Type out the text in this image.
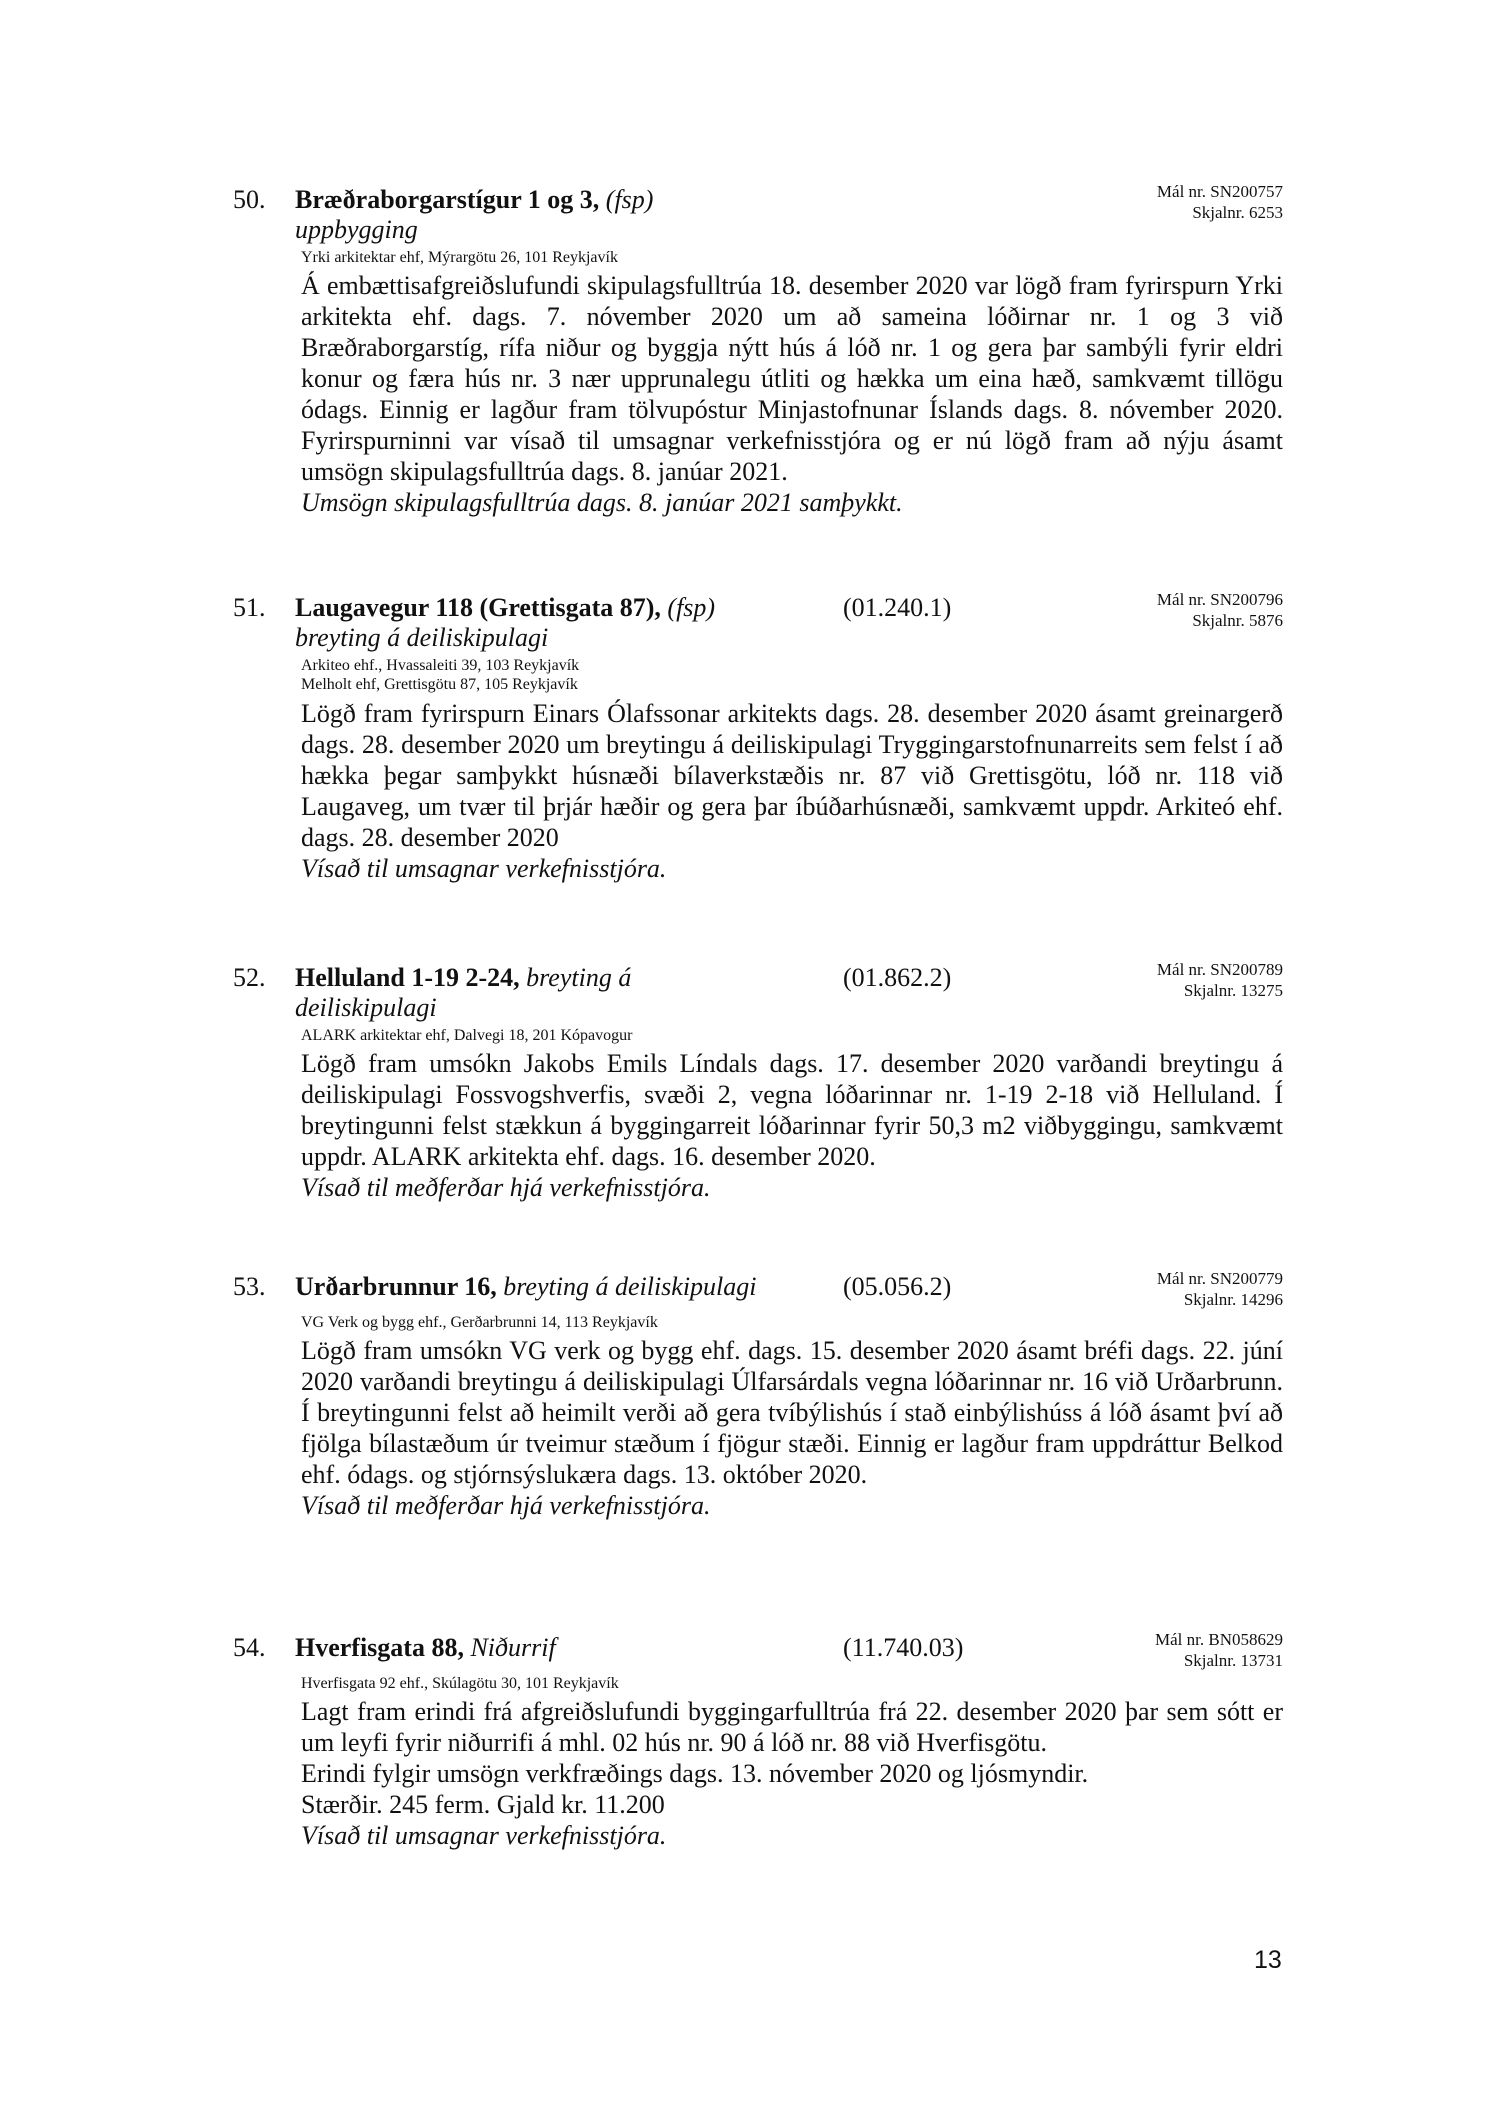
50. Bræðraborgarstígur 1 og 3, (fsp)
uppbygging
Mál nr. SN200757
Skjalnr. 6253
Yrki arkitektar ehf, Mýrargötu 26, 101 Reykjavík

Á embættisafgreiðslufundi skipulagsfulltrúa 18. desember 2020 var lögð fram fyrirspurn Yrki arkitekta ehf. dags. 7. nóvember 2020 um að sameina lóðirnar nr. 1 og 3 við Bræðraborgarstíg, rífa niður og byggja nýtt hús á lóð nr. 1 og gera þar sambýli fyrir eldri konur og færa hús nr. 3 nær upprunalegu útliti og hækka um eina hæð, samkvæmt tillögu ódags. Einnig er lagður fram tölvupóstur Minjastofnunar Íslands dags. 8. nóvember 2020. Fyrirspurninni var vísað til umsagnar verkefnisstjóra og er nú lögð fram að nýju ásamt umsögn skipulagsfulltrúa dags. 8. janúar 2021.

Umsögn skipulagsfulltrúa dags. 8. janúar 2021 samþykkt.

51. Laugavegur 118 (Grettisgata 87), (fsp)
breyting á deiliskipulagi
(01.240.1)	Mál nr. SN200796
Skjalnr. 5876
Arkiteo ehf., Hvassaleiti 39, 103 Reykjavík
Melholt ehf, Grettisgötu 87, 105 Reykjavík

Lögð fram fyrirspurn Einars Ólafssonar arkitekts dags. 28. desember 2020 ásamt greinargerð dags. 28. desember 2020 um breytingu á deiliskipulagi Tryggingarstofnunarreits sem felst í að hækka þegar samþykkt húsnæði bílaverkstæðis nr. 87 við Grettisgötu, lóð nr. 118 við Laugaveg, um tvær til þrjár hæðir og gera þar íbúðarhúsnæði, samkvæmt uppdr. Arkiteó ehf. dags. 28. desember 2020

Vísað til umsagnar verkefnisstjóra.

52. Helluland 1-19 2-24, breyting á
deiliskipulagi
(01.862.2)	Mál nr. SN200789
Skjalnr. 13275
ALARK arkitektar ehf, Dalvegi 18, 201 Kópavogur

Lögð fram umsókn Jakobs Emils Líndals dags. 17. desember 2020 varðandi breytingu á deiliskipulagi Fossvogshverfis, svæði 2, vegna lóðarinnar nr. 1-19 2-18 við Helluland. Í breytingunni felst stækkun á byggingarreit lóðarinnar fyrir 50,3 m2 viðbyggingu, samkvæmt uppdr. ALARK arkitekta ehf. dags. 16. desember 2020.

Vísað til meðferðar hjá verkefnisstjóra.

53. Urðarbrunnur 16, breyting á deiliskipulagi	(05.056.2)	Mál nr. SN200779
Skjalnr. 14296
VG Verk og bygg ehf., Gerðarbrunni 14, 113 Reykjavík

Lögð fram umsókn VG verk og bygg ehf. dags. 15. desember 2020 ásamt bréfi dags. 22. júní 2020 varðandi breytingu á deiliskipulagi Úlfarsárdals vegna lóðarinnar nr. 16 við Urðarbrunn. Í breytingunni felst að heimilt verði að gera tvíbýlishús í stað einbýlishúss á lóð ásamt því að fjölga bílastæðum úr tveimur stæðum í fjögur stæði. Einnig er lagður fram uppdráttur Belkod ehf. ódags. og stjórnsýslukæra dags. 13. október 2020.

Vísað til meðferðar hjá verkefnisstjóra.

54. Hverfisgata 88, Niðurrif	(11.740.03)	Mál nr. BN058629
Skjalnr. 13731
Hverfisgata 92 ehf., Skúlagötu 30, 101 Reykjavík

Lagt fram erindi frá afgreiðslufundi byggingarfulltrúa frá 22. desember 2020 þar sem sótt er um leyfi fyrir niðurrifi á mhl. 02 hús nr. 90 á lóð nr. 88 við Hverfisgötu.

Erindi fylgir umsögn verkfræðings dags. 13. nóvember 2020 og ljósmyndir.

Stærðir. 245 ferm. Gjald kr. 11.200

Vísað til umsagnar verkefnisstjóra.

13
